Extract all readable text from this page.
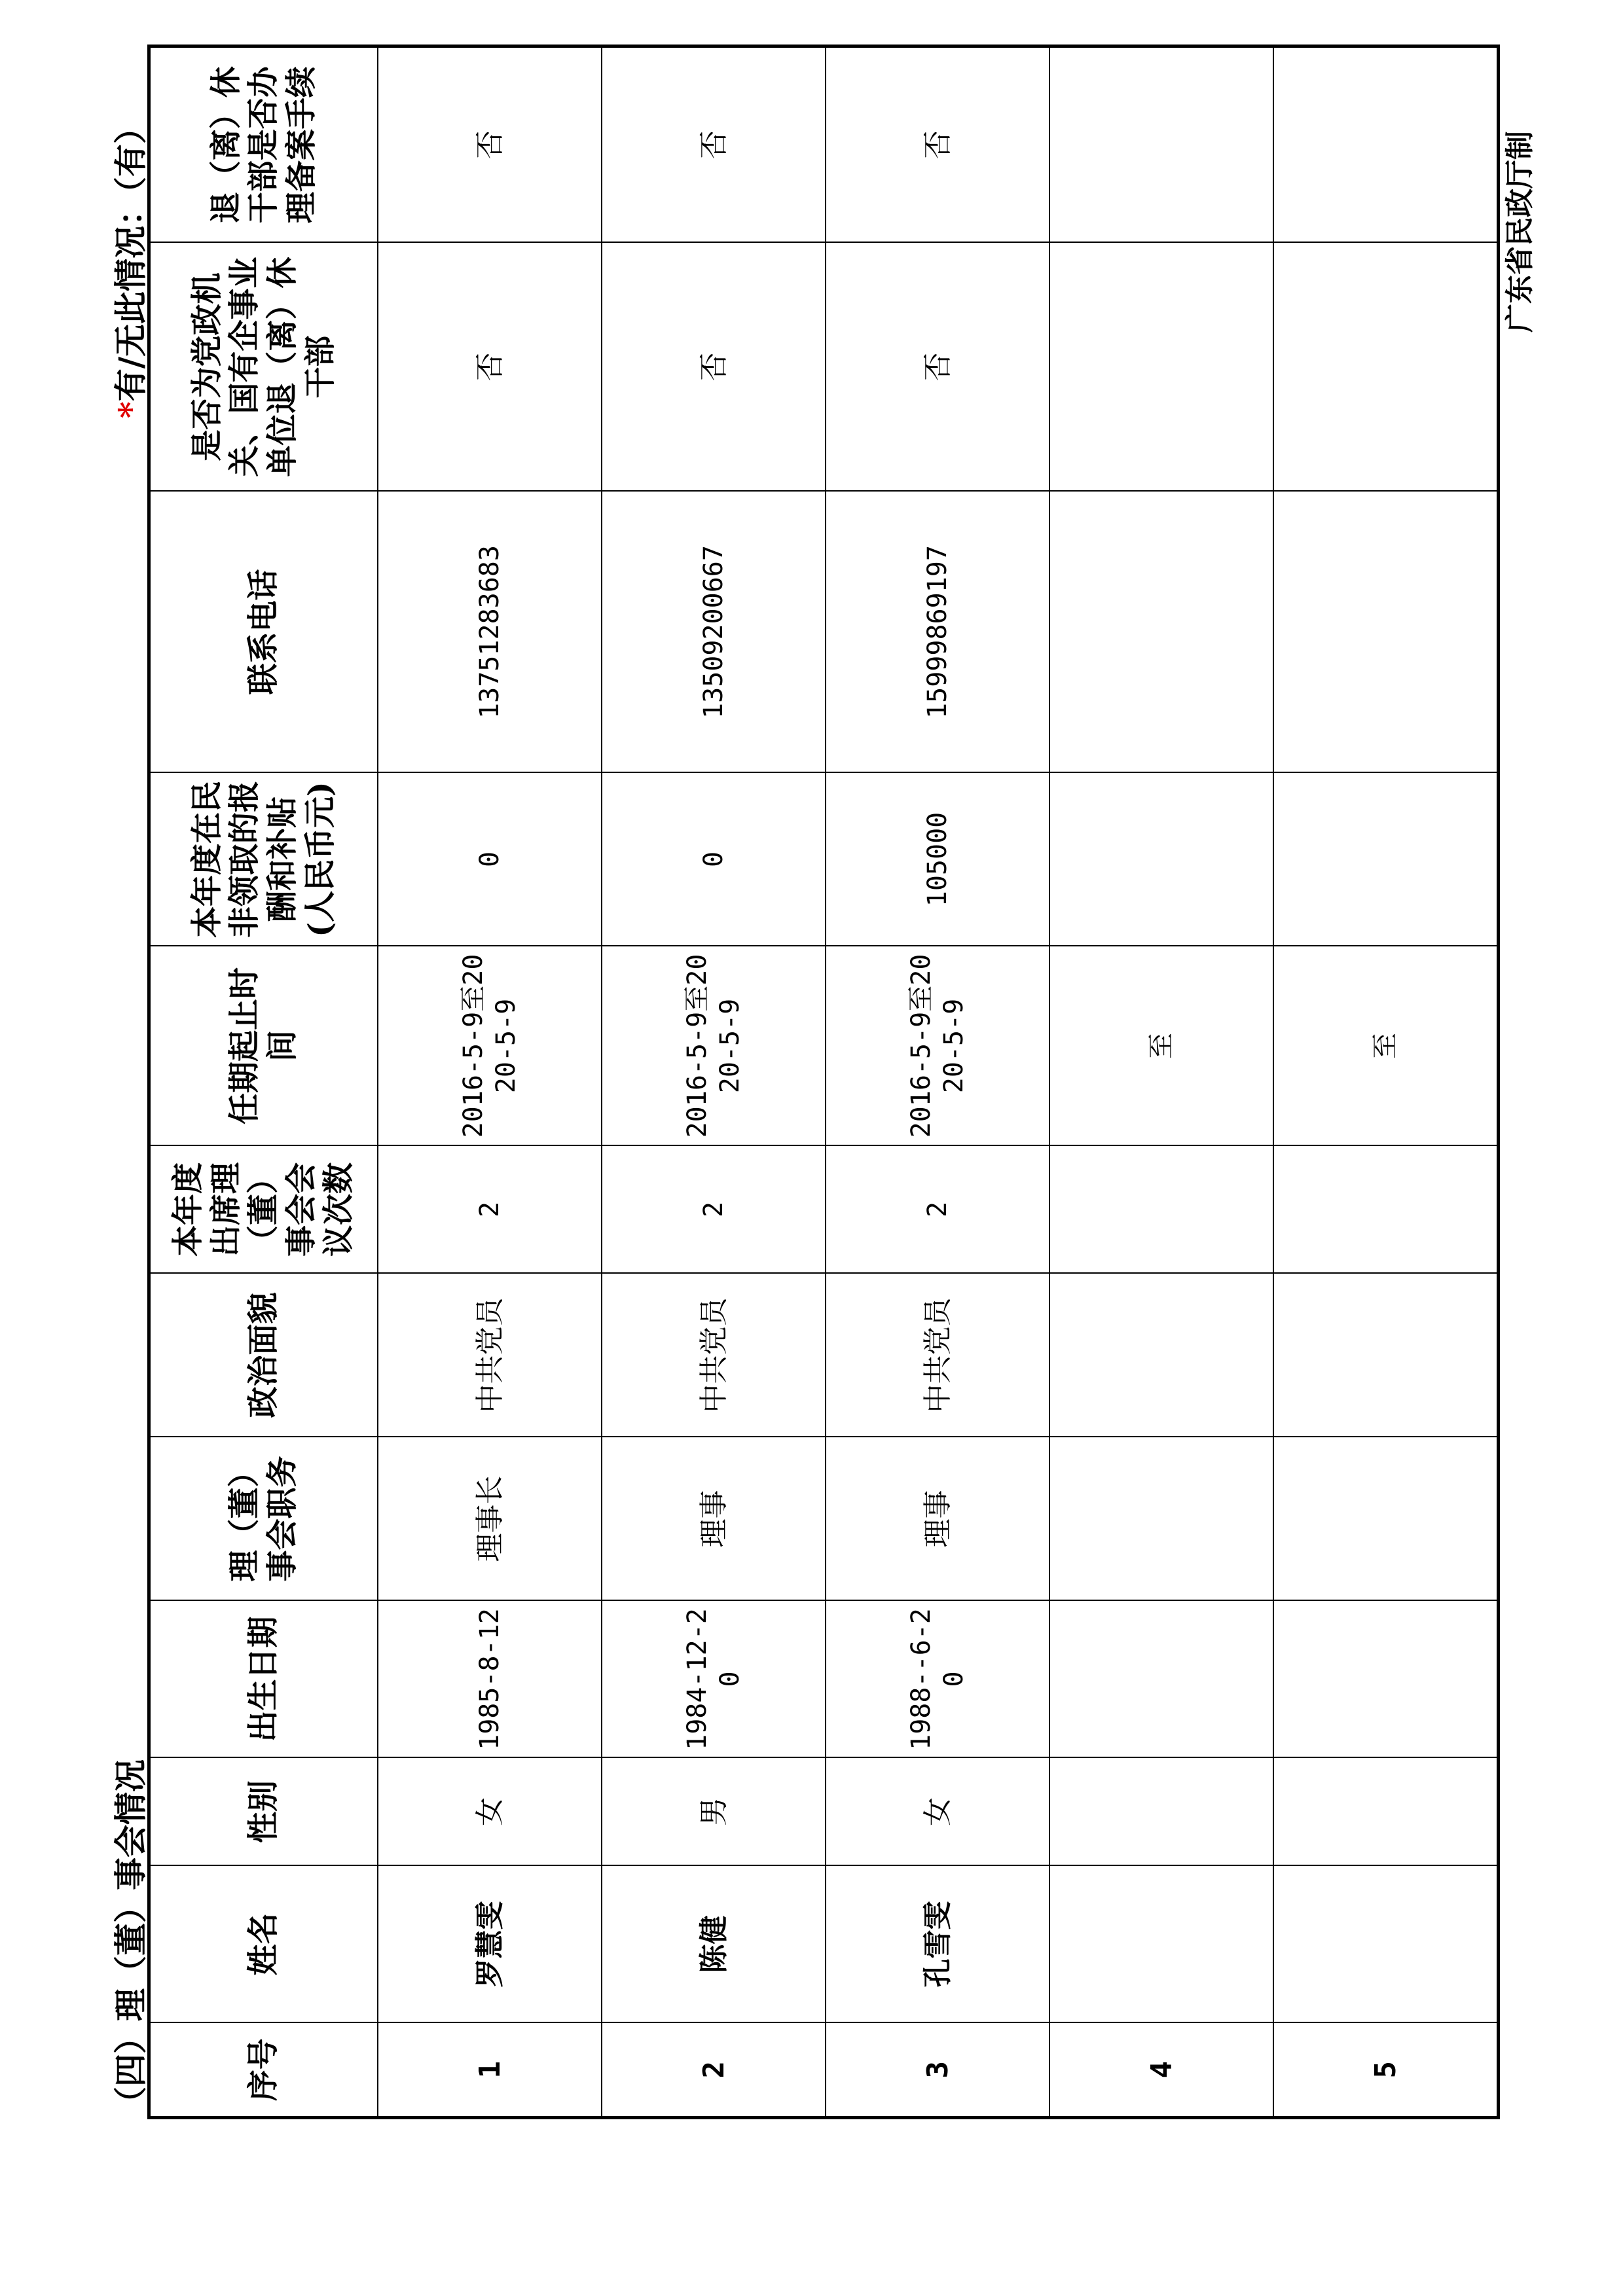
（四）理（董）事会情况
*有/无此情况：（有）
序号	姓名	性别	出生日期	理（董）事会职务	政治面貌	本年度出席理（董）事会会议次数	任期起止时间	本年度在民非领取的报酬和补贴(人民币元)	联系电话	是否为党政机关、国有企事业单位退（离）休干部	退（离）休干部是否办理备案手续
1	罗慧雯	女	1985-8-12	理事长	中共党员	2	2016-5-9至2020-5-9	0	13751283683	否	否
2	陈健	男	1984-12-20	理事	中共党员	2	2016-5-9至2020-5-9	0	13509200667	否	否
3	孔雪雯	女	1988--6-20	理事	中共党员	2	2016-5-9至2020-5-9	105000	15999869197	否	否
4							至				
5							至				
广东省民政厅制
